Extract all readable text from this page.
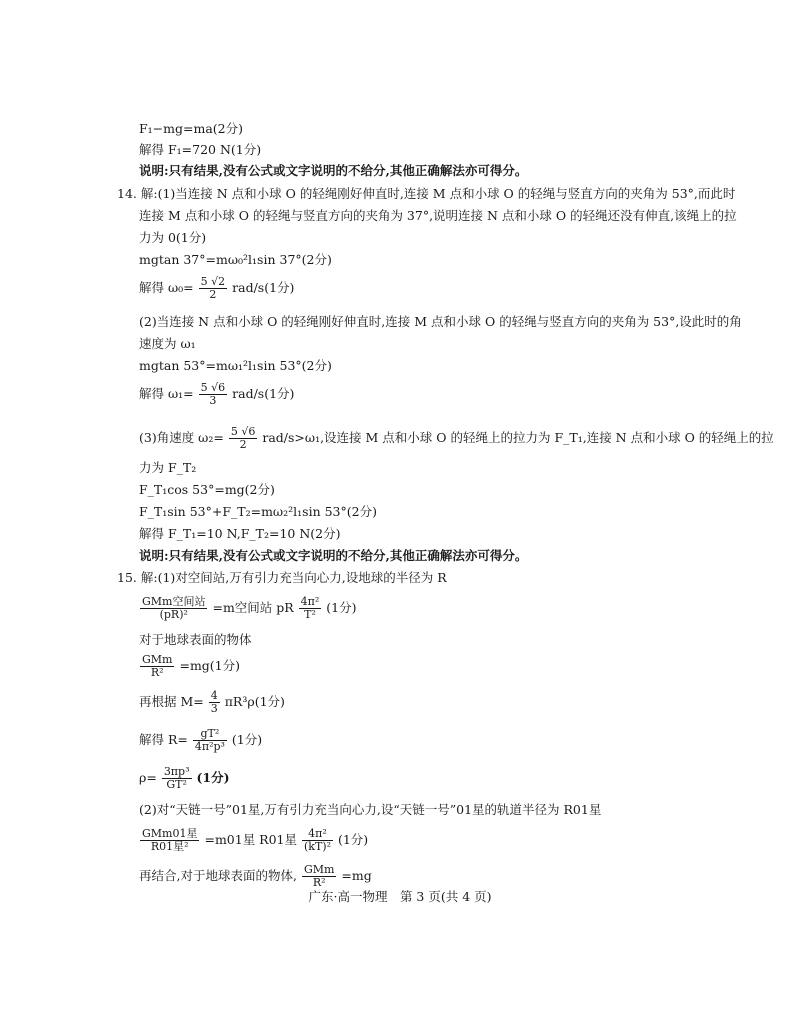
F₁−mg=ma(2分)
解得 F₁=720 N(1分)
说明:只有结果,没有公式或文字说明的不给分,其他正确解法亦可得分。
14. 解:(1)当连接 N 点和小球 O 的轻绳刚好伸直时,连接 M 点和小球 O 的轻绳与竖直方向的夹角为 53°,而此时
连接 M 点和小球 O 的轻绳与竖直方向的夹角为 37°,说明连接 N 点和小球 O 的轻绳还没有伸直,该绳上的拉
力为 0(1分)
mgtan 37°=mω₀²l₁sin 37°(2分)
解得 $\omega_0= \frac{5 √2}{2} rad/s(1$分)
(2)当连接 N 点和小球 O 的轻绳刚好伸直时,连接 M 点和小球 O 的轻绳与竖直方向的夹角为 53°,设此时的角
速度为 ω₁
mgtan 53°=mω₁²l₁sin 53°(2分)
解得 $\omega_1= \frac{5 √6}{3} rad/s(1$分)
(3)角速度 $\omega_2= \frac{5 √6}{2} rad/s>\omega_1$,设连接 M 点和小球 O 的轻绳上的拉力为 F_T₁,连接 N 点和小球 O 的轻绳上的拉
力为 F_T₂
F_T₁cos 53°=mg(2分)
F_T₁sin 53°+F_T₂=mω₂²l₁sin 53°(2分)
解得 F_T₁=10 N,F_T₂=10 N(2分)
说明:只有结果,没有公式或文字说明的不给分,其他正确解法亦可得分。
15. 解:(1)对空间站,万有引力充当向心力,设地球的半径为 R
$\frac{\text{GMm空间站}}{\text{(pR)²}} =m$空间站 pR $\frac{\text{4π²}}{\text{T²}} (1$分)
对于地球表面的物体
$\frac{\text{GMm}}{\text{R²}} =mg(1$分)
再根据 $M= \frac{4}{3} \pi R^3\rho(1$分)
解得 $R= \frac{\text{gT²}}{\text{4π²p³}} (1$分)
$\rho= \frac{\text{3πp³}}{\text{GT²}} (1$分)
(2)对“天链一号”01星,万有引力充当向心力,设“天链一号”01星的轨道半径为 R01星
$\frac{\text{GMm01星}}{\text{R01星²}} =m01$星 R01星 $\frac{\text{4π²}}{\text{(kT)²}} (1$分)
再结合,对于地球表面的物体, $\frac{\text{GMm}}{\text{R²}} =mg$
广东·高一物理　第 3 页(共 4 页)
